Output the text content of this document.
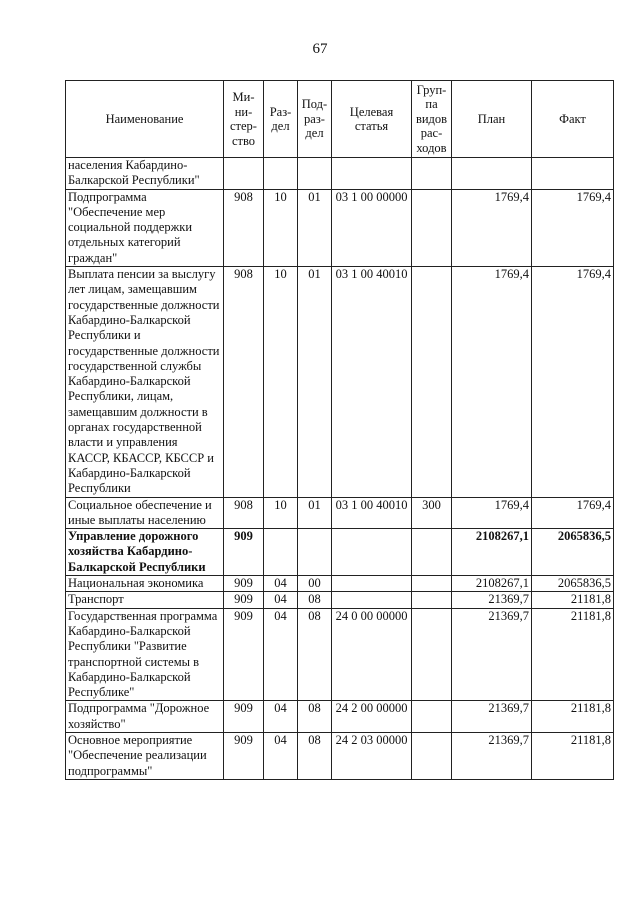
67
Наименование	Ми- ни- стер- ство	Раз- дел	Под- раз- дел	Целевая статья	Груп- па видов рас- ходов	План	Факт
населения Кабардино-Балкарской Республики"							
Подпрограмма "Обеспечение мер социальной поддержки отдельных категорий граждан"	908	10	01	03 1 00 00000		1769,4	1769,4
Выплата пенсии за выслугу лет лицам, замещавшим государственные должности Кабардино-Балкарской Республики и государственные должности государственной службы Кабардино-Балкарской Республики, лицам, замещавшим должности в органах государственной власти и управления КАССР, КБАССР, КБССР и Кабардино-Балкарской Республики	908	10	01	03 1 00 40010		1769,4	1769,4
Социальное обеспечение и иные выплаты населению	908	10	01	03 1 00 40010	300	1769,4	1769,4
Управление дорожного хозяйства Кабардино-Балкарской Республики	909					2108267,1	2065836,5
Национальная экономика	909	04	00			2108267,1	2065836,5
Транспорт	909	04	08			21369,7	21181,8
Государственная программа Кабардино-Балкарской Республики "Развитие транспортной системы в Кабардино-Балкарской Республике"	909	04	08	24 0 00 00000		21369,7	21181,8
Подпрограмма "Дорожное хозяйство"	909	04	08	24 2 00 00000		21369,7	21181,8
Основное мероприятие "Обеспечение реализации подпрограммы"	909	04	08	24 2 03 00000		21369,7	21181,8
